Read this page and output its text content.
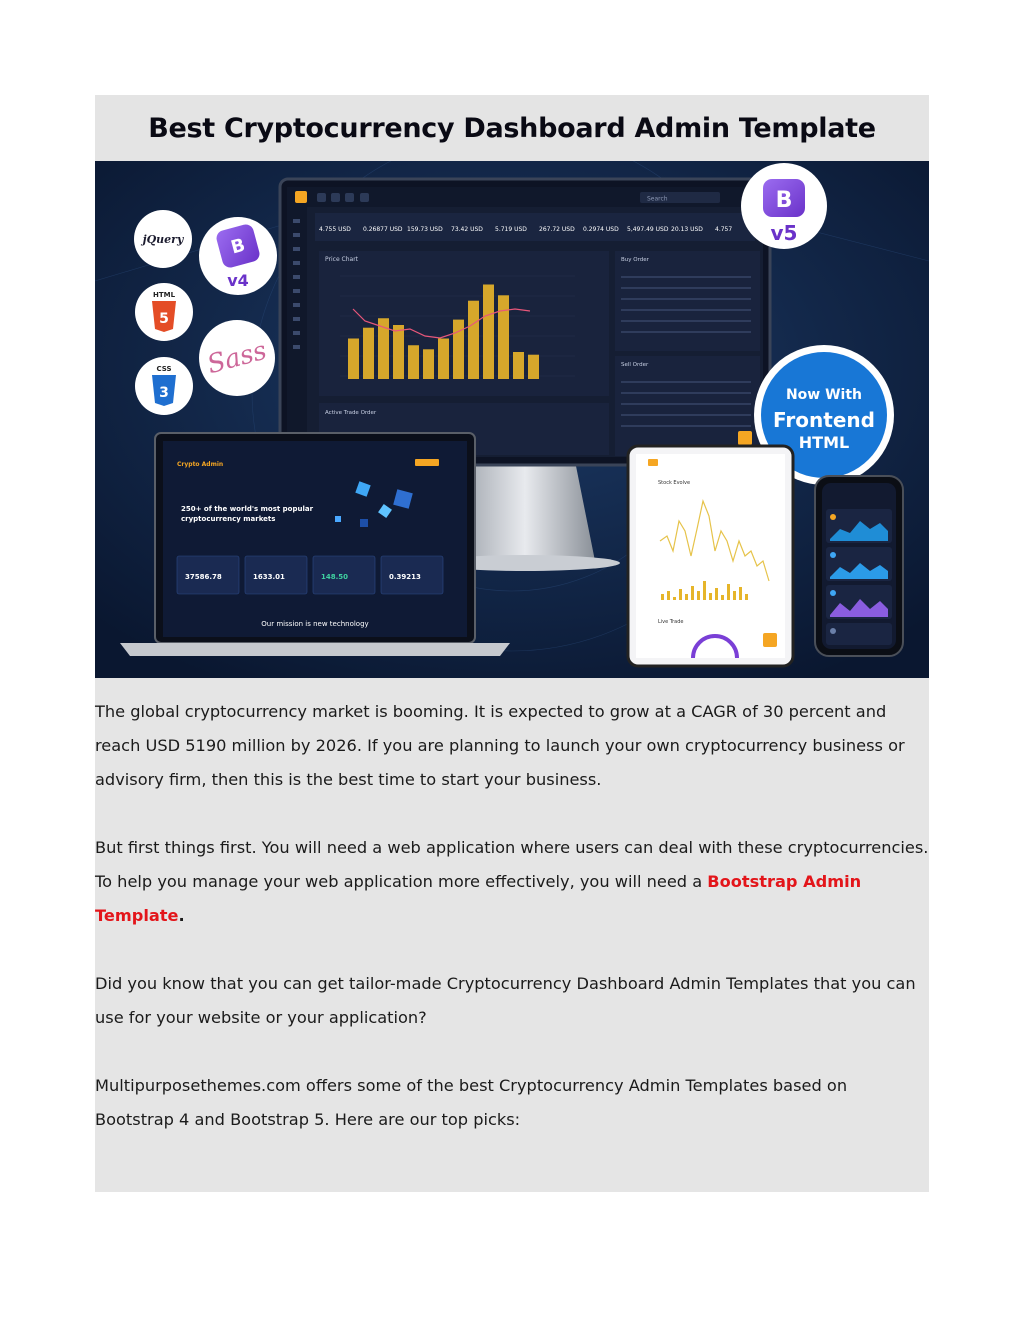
Best Cryptocurrency Dashboard Admin Template
Search
4.755 USD 0.26877 USD 159.73 USD 73.42 USD 5.719 USD 267.72 USD 0.2974 USD 5,497.49 USD 20.13 USD 4.757
Price Chart	Buy Order
Sell Order
Active Trade Order
jQuery	B
v4
HTML
5
Sass
CSS
3
B
v5
Now With
Frontend
HTML
Crypto Admin
250+ of the world's most popular
cryptocurrency markets
37586.78	1633.01	148.50	0.39213
Our mission is new technology
Stock Evolve
Live Trade

The global cryptocurrency market is booming. It is expected to grow at a CAGR of 30 percent and reach USD 5190 million by 2026. If you are planning to launch your own cryptocurrency business or advisory firm, then this is the best time to start your business.

But first things first. You will need a web application where users can deal with these cryptocurrencies. To help you manage your web application more effectively, you will need a Bootstrap Admin Template.

Did you know that you can get tailor-made Cryptocurrency Dashboard Admin Templates that you can use for your website or your application?

Multipurposethemes.com offers some of the best Cryptocurrency Admin Templates based on Bootstrap 4 and Bootstrap 5. Here are our top picks:
